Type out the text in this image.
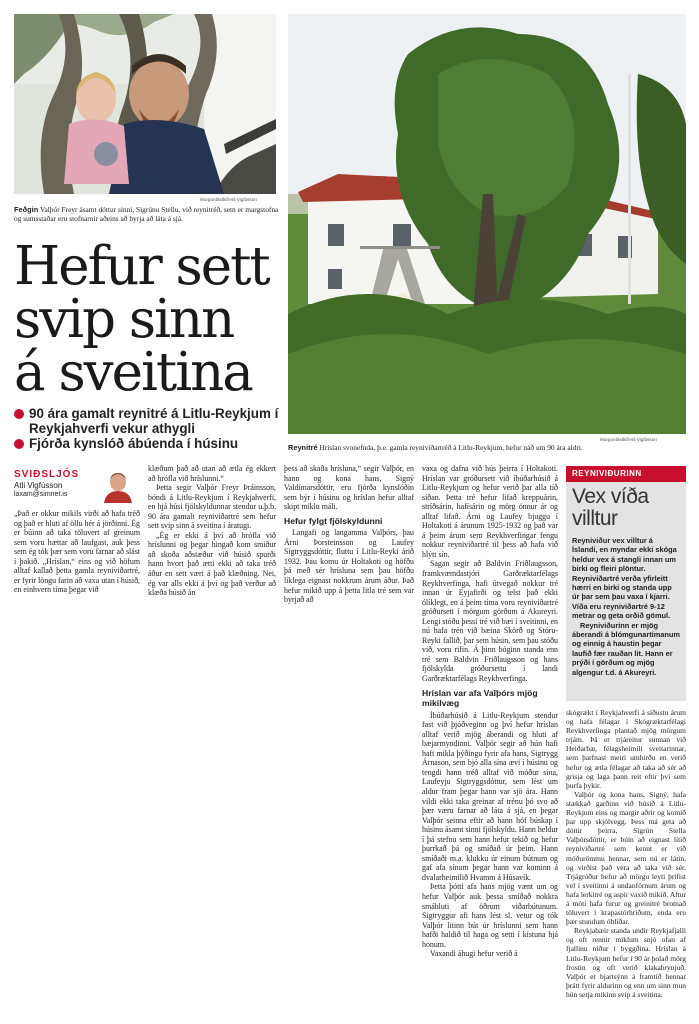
Morgunblaðið/Atli Vigfússon
Feðgin Valþór Freyr ásamt dóttur sinni, Sigrúnu Stellu, við reynitréð, sem er margstofna og sumsstaðar eru stofnarnir aðeins að byrja að láta á sjá.
Morgunblaðið/Atli Vigfússon
Reynitré Hríslan svonefnda, þ.e. gamla reyniviðartréð á Litlu-Reykjum, hefur náð um 90 ára aldri.
Hefur sett
svip sinn
á sveitina

90 ára gamalt reynitré á Litlu-Reykjum í Reykjahverfi vekur athygli

Fjórða kynslóð ábúenda í húsinu

SVIÐSLJÓS
Atli Vigfússon
laxam@simnet.is
„Það er okkur mikils virði að hafa tréð og það er hluti af öllu hér á jörðinni. Ég er búinn að taka töluvert af greinum sem voru hættar að laufgast, auk þess sem ég tók þær sem voru farnar að slást í þakið. „Hríslan,“ eins og við höfum alltaf kallað þetta gamla reyniviðartré, er fyrir löngu farin að vaxa utan í húsið, en einhvern tíma þegar við

klæðum það að utan að ætla ég ekkert að hrófla við hríslunni.“

Þetta segir Valþór Freyr Þráinsson, bóndi á Litlu-Reykjum í Reykjahverfi, en hjá húsi fjölskyldunnar stendur u.þ.b. 90 ára gamalt reyniviðartré sem hefur sett svip sinn á sveitina í áratugi.

„Ég er ekki á því að hrófla við hríslunni og þegar hingað kom smiður að skoða aðstæður við húsið spurði hann hvort það ætti ekki að taka tréð áður en sett væri á það klæðning. Nei, ég var alls ekki á því og það verður að klæða húsið án

þess að skaða hrísluna,“ segir Valþór, en hann og kona hans, Signý Valdimarsdóttir, eru fjórða kynslóðin sem býr í húsinu og hríslan hefur alltaf skipt miklu máli.

Hefur fylgt fjölskyldunni

Langafi og langamma Valþórs, þau Árni Þorsteinsson og Laufey Sigtryggsdóttir, fluttu í Litlu-Reyki árið 1932. Þau komu úr Holtakoti og höfðu þá með sér hrísluna sem þau höfðu líklega eignast nokkrum árum áður. Það hefur mikið upp á þetta litla tré sem var byrjað að

vaxa og dafna við hús þeirra í Holtakoti. Hríslan var gróðursett við íbúðarhúsið á Litlu-Reykjum og hefur verið þar alla tíð síðan. Þetta tré hefur lifað kreppuárin, stríðsárin, hafísárin og mörg önnur ár og alltaf lifað. Árni og Laufey bjuggu í Holtakoti á árunum 1925-1932 og það var á þeim árum sem Reykhverfingar fengu nokkur reyniviðartré til þess að hafa við hlýtt sín.

Sagan segir að Baldvin Friðlaugsson, framkvæmdastjóri Garðræktarfélags Reykhverfinga, hafi útvegað nokkur tré innan úr Eyjafirði og telst það ekki ólíklegt, en á þeim tíma voru reyniviðartré gróðursett í mörgum görðum á Akureyri. Lengi stóðu þessi tré við bæi í sveitinni, en nú hafa trén við bæina Skörð og Stóru-Reyki fallið, þar sem húsin, sem þau stóðu við, voru rifin. Á þinn bóginn standa enn tré sem Baldvin Friðlaugsson og hans fjölskylda gróðursettu í landi Garðræktarfélags Reykhverfinga.

Hríslan var afa Valþórs mjög mikilvæg

Íbúðarhúsið á Litlu-Reykjum stendur fast við þjóðveginn og því hefur hríslan alltaf verið mjög áberandi og hluti af bæjarmyndinni. Valþór segir að hún hafi haft mikla þýðingu fyrir afa hans, Sigtrygg Árnason, sem bjó alla sína ævi í húsinu og tengdi hann tréð alltaf við móður sína, Laufeyju Sigtryggsdóttur, sem lést um aldur fram þegar hann var sjö ára. Hann vildi ekki taka greinar af trénu þó svo að þær væru farnar að láta á sjá, en þegar Valþór seinna eftir að hann hóf búskap í húsinu ásamt sinni fjölskyldu. Hann heldur í þá stefnu sem hann hefur tekið og hefur þurrkað þá og smíðað úr þeim. Hann smíðaði m.a. klukku úr einum bútnum og gaf afa sínum þegar hann var kominn á dvalarheimilið Hvamm á Húsavík.

Þetta þótti afa hans mjög vænt um og hefur Valþór auk þessa smíðað nokkra smáhluti af öðrum viðarbútunum. Sigtryggur afi hans lést sl. vetur og tók Valþór litinn bút úr hríslunni sem hann hafði haldið til haga og setti í kistuna hjá honum.

Vaxandi áhugi hefur verið á

skógrækt í Reykjahverfi á síðustu árum og hafa félagar í Skógræktarfélagi Reykhverfinga plantað mjög mörgum trjám. Þá er trjáreitur sunnan við Heiðarbæ, félagsheimili sveitarinnar, sem þarfnast meiri umhirðu en verið hefur og ætla félagar að taka að sér að grisja og laga þann reit eftir því sem þurfa þykir.

Valþór og kona hans, Signý, hafa stækkað garðinn við húsið á Litlu-Reykjum eins og margir aðrir og komið þar upp skjólvegg. Þess má geta að dóttir þeirra, Sigrún Stella Valþórsdóttir, er búin að eignast lítið reyniviðartré sem kennt er við móðurömmu hennar, sem nú er látin, og virðist það vera að taka við sér. Trjágróður hefur að mörgu leyti þrifist vel í sveitinni á undanförnum árum og hafa lerkitré og aspir vaxið mikið. Aftur á móti hafa furur og greinitré brotnað töluvert í krapastórhríðum, enda eru þær stundum óblíðar.

Reykjabæir standa undir Reykjafjalli og oft rennir miklum snjó ofan af fjallinu niður í byggðina. Hríslan á Litlu-Reykjum hefur í 90 ár þolað mörg frostin og oft verið klakabrynjuð. Valþór er bjartsýnn á framtíð hennar þrátt fyrir aldurinn og enn um sinn mun hún setja mikinn svip á sveitina.

REYNIVIÐURINN
Vex víða villtur

Reyniviður vex villtur á Íslandi, en myndar ekki skóga heldur vex á stangli innan um birki og fleiri plöntur. Reyniviðartré verða yfirleitt hærri en birki og standa upp úr þar sem þau vaxa í kjarri. Víða eru reyniviðartré 9-12 metrar og geta orðið gömul.

Reyniviðurinn er mjög áberandi á blómgunartímanum og einnig á haustin þegar laufið fær rauðan lit. Hann er prýði í görðum og mjög algengur t.d. á Akureyri.
